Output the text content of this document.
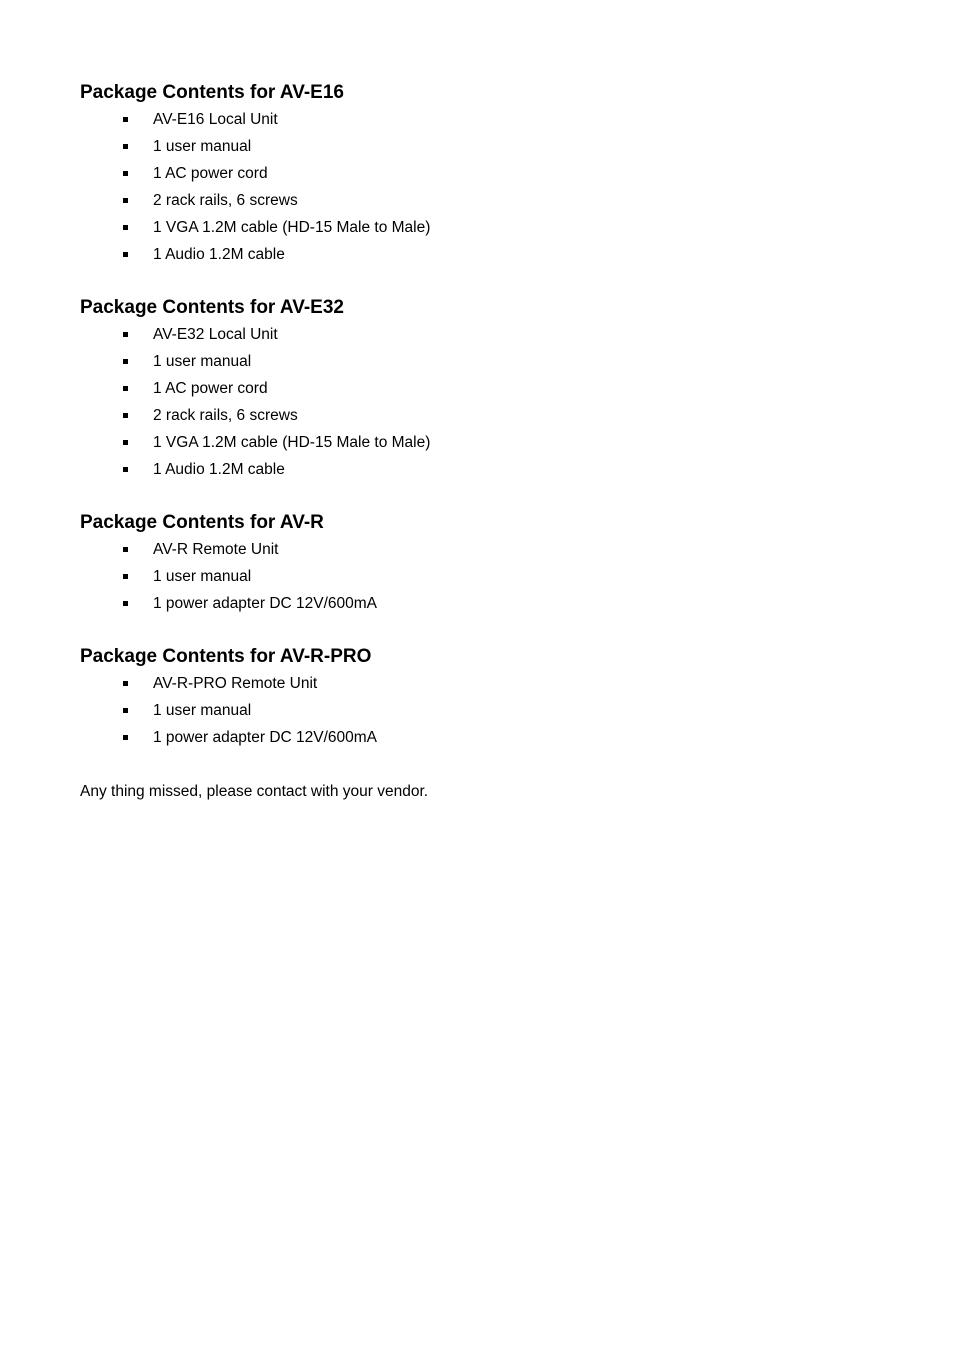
Package Contents for AV-E16
AV-E16 Local Unit
1 user manual
1 AC power cord
2 rack rails, 6 screws
1 VGA 1.2M cable (HD-15 Male to Male)
1 Audio 1.2M cable
Package Contents for AV-E32
AV-E32 Local Unit
1 user manual
1 AC power cord
2 rack rails, 6 screws
1 VGA 1.2M cable (HD-15 Male to Male)
1 Audio 1.2M cable
Package Contents for AV-R
AV-R Remote Unit
1 user manual
1 power adapter DC 12V/600mA
Package Contents for AV-R-PRO
AV-R-PRO Remote Unit
1 user manual
1 power adapter DC 12V/600mA

Any thing missed, please contact with your vendor.
